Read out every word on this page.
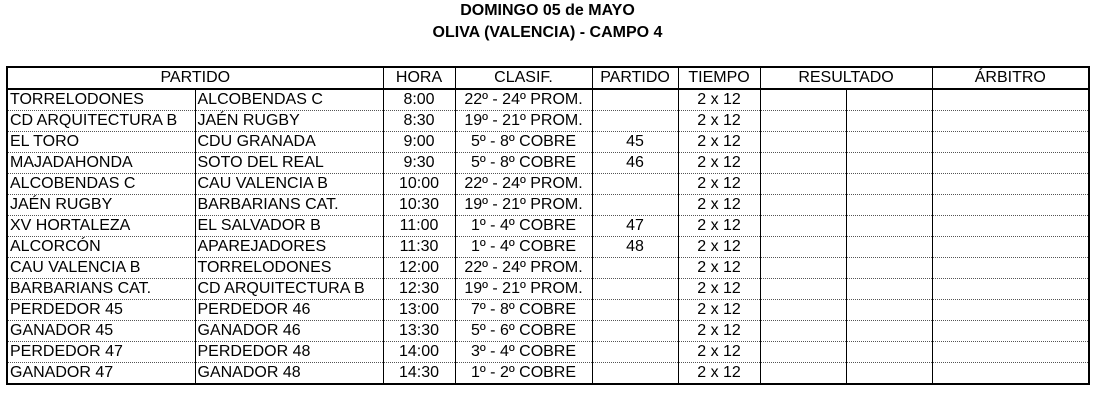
DOMINGO 05 de MAYO
OLIVA (VALENCIA) - CAMPO 4
PARTIDO		HORA	CLASIF.	PARTIDO	TIEMPO	RESULTADO		ÁRBITRO
TORRELODONES	ALCOBENDAS C	8:00	22º - 24º PROM.		2 x 12			
CD ARQUITECTURA B	JAÉN RUGBY	8:30	19º - 21º PROM.		2 x 12			
EL TORO	CDU GRANADA	9:00	5º - 8º COBRE	45	2 x 12			
MAJADAHONDA	SOTO DEL REAL	9:30	5º - 8º COBRE	46	2 x 12			
ALCOBENDAS C	CAU VALENCIA B	10:00	22º - 24º PROM.		2 x 12			
JAÉN RUGBY	BARBARIANS CAT.	10:30	19º - 21º PROM.		2 x 12			
XV HORTALEZA	EL SALVADOR B	11:00	1º - 4º COBRE	47	2 x 12			
ALCORCÓN	APAREJADORES	11:30	1º - 4º COBRE	48	2 x 12			
CAU VALENCIA B	TORRELODONES	12:00	22º - 24º PROM.		2 x 12			
BARBARIANS CAT.	CD ARQUITECTURA B	12:30	19º - 21º PROM.		2 x 12			
PERDEDOR 45	PERDEDOR 46	13:00	7º - 8º COBRE		2 x 12			
GANADOR 45	GANADOR 46	13:30	5º - 6º COBRE		2 x 12			
PERDEDOR 47	PERDEDOR 48	14:00	3º - 4º COBRE		2 x 12			
GANADOR 47	GANADOR 48	14:30	1º - 2º COBRE		2 x 12			
